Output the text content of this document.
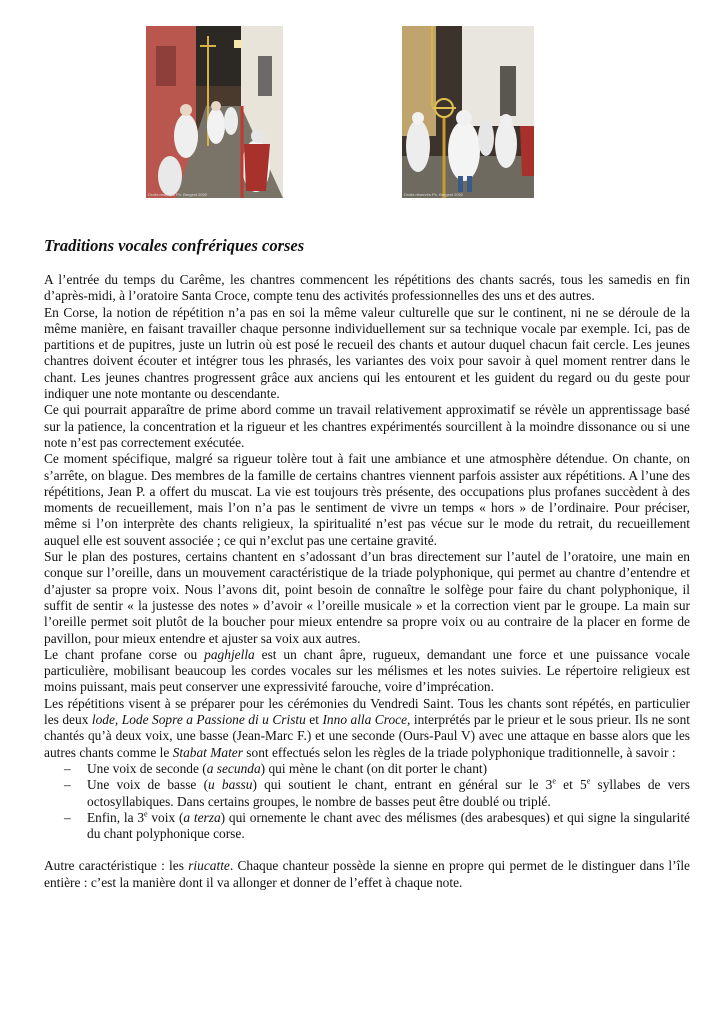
Droits réservés Ph. Bergeot 2002	Droits réservés Ph. Bergeot 2002
Traditions vocales confrériques corses

A l’entrée du temps du Carême, les chantres commencent les répétitions des chants sacrés, tous les samedis en fin d’après-midi, à l’oratoire Santa Croce, compte tenu des activités professionnelles des uns et des autres.

En Corse, la notion de répétition n’a pas en soi la même valeur culturelle que sur le continent, ni ne se déroule de la même manière, en faisant travailler chaque personne individuellement sur sa technique vocale par exemple. Ici, pas de partitions et de pupitres, juste un lutrin où est posé le recueil des chants et autour duquel chacun fait cercle. Les jeunes chantres doivent écouter et intégrer tous les phrasés, les variantes des voix pour savoir à quel moment rentrer dans le chant. Les jeunes chantres progressent grâce aux anciens qui les entourent et les guident du regard ou du geste pour indiquer une note montante ou descendante.

Ce qui pourrait apparaître de prime abord comme un travail relativement approximatif se révèle un apprentissage basé sur la patience, la concentration et la rigueur et les chantres expérimentés sourcillent à la moindre dissonance ou si une note n’est pas correctement exécutée.

Ce moment spécifique, malgré sa rigueur tolère tout à fait une ambiance et une atmosphère détendue. On chante, on s’arrête, on blague. Des membres de la famille de certains chantres viennent parfois assister aux répétitions. A l’une des répétitions, Jean P. a offert du muscat. La vie est toujours très présente, des occupations plus profanes succèdent à des moments de recueillement, mais l’on n’a pas le sentiment de vivre un temps « hors » de l’ordinaire. Pour préciser, même si l’on interprète des chants religieux, la spiritualité n’est pas vécue sur le mode du retrait, du recueillement auquel elle est souvent associée ; ce qui n’exclut pas une certaine gravité.

Sur le plan des postures, certains chantent en s’adossant d’un bras directement sur l’autel de l’oratoire, une main en conque sur l’oreille, dans un mouvement caractéristique de la triade polyphonique, qui permet au chantre d’entendre et d’ajuster sa propre voix. Nous l’avons dit, point besoin de connaître le solfège pour faire du chant polyphonique, il suffit de sentir « la justesse des notes » d’avoir « l’oreille musicale » et la correction vient par le groupe. La main sur l’oreille permet soit plutôt de la boucher pour mieux entendre sa propre voix ou au contraire de la placer en forme de pavillon, pour mieux entendre et ajuster sa voix aux autres.

Le chant profane corse ou paghjella est un chant âpre, rugueux, demandant une force et une puissance vocale particulière, mobilisant beaucoup les cordes vocales sur les mélismes et les notes suivies. Le répertoire religieux est moins puissant, mais peut conserver une expressivité farouche, voire d’imprécation.

Les répétitions visent à se préparer pour les cérémonies du Vendredi Saint. Tous les chants sont répétés, en particulier les deux lode, Lode Sopre a Passione di u Cristu et Inno alla Croce, interprétés par le prieur et le sous prieur. Ils ne sont chantés qu’à deux voix, une basse (Jean-Marc F.) et une seconde (Ours-Paul V) avec une attaque en basse alors que les autres chants comme le Stabat Mater sont effectués selon les règles de la triade polyphonique traditionnelle, à savoir :

– Une voix de seconde (a secunda) qui mène le chant (on dit porter le chant)
– Une voix de basse (u bassu) qui soutient le chant, entrant en général sur le 3e et 5e syllabes de vers octosyllabiques. Dans certains groupes, le nombre de basses peut être doublé ou triplé.
– Enfin, la 3e voix (a terza) qui ornemente le chant avec des mélismes (des arabesques) et qui signe la singularité du chant polyphonique corse.

Autre caractéristique : les riucatte. Chaque chanteur possède la sienne en propre qui permet de le distinguer dans l’île entière : c’est la manière dont il va allonger et donner de l’effet à chaque note.
